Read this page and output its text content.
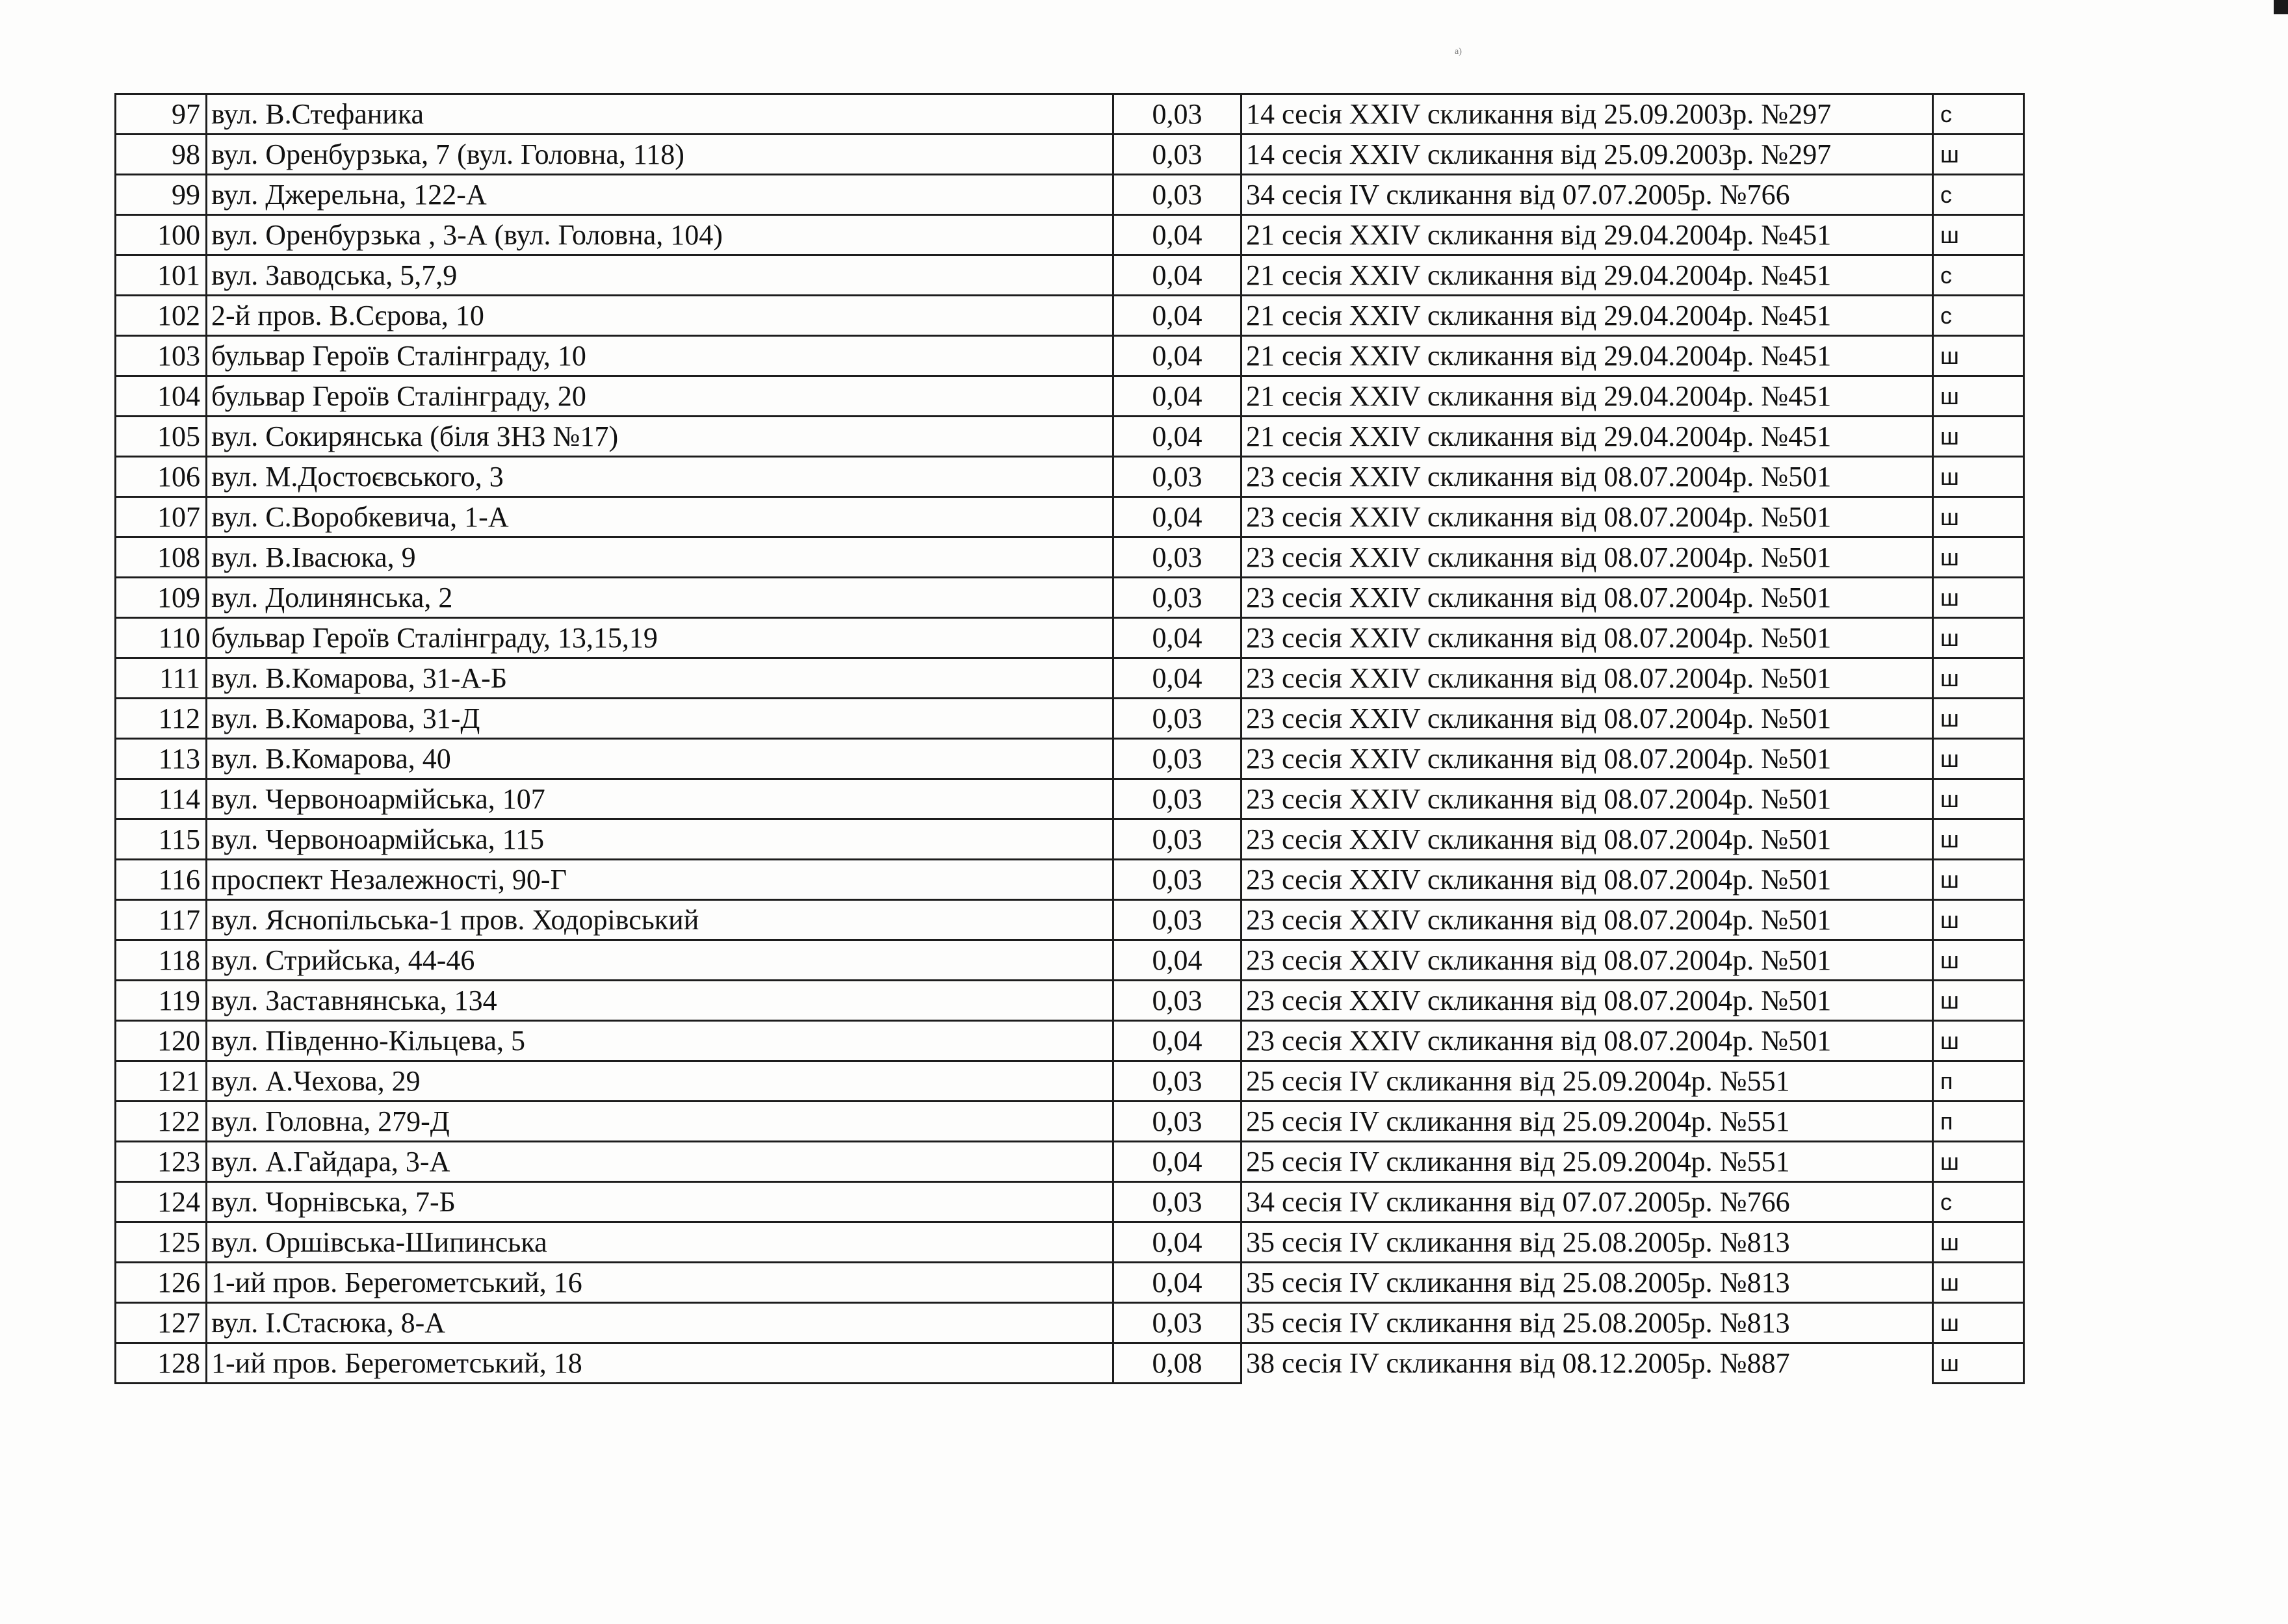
a)
97	вул. В.Стефаника	0,03	14 сесія XXIV скликання від 25.09.2003р. №297	с
98	вул. Оренбурзька, 7 (вул. Головна, 118)	0,03	14 сесія XXIV скликання від 25.09.2003р. №297	ш
99	вул. Джерельна, 122-А	0,03	34 сесія IV скликання від 07.07.2005р. №766	с
100	вул. Оренбурзька , 3-А (вул. Головна, 104)	0,04	21 сесія XXIV скликання від 29.04.2004р. №451	ш
101	вул. Заводська, 5,7,9	0,04	21 сесія XXIV скликання від 29.04.2004р. №451	с
102	2-й пров. В.Сєрова, 10	0,04	21 сесія XXIV скликання від 29.04.2004р. №451	с
103	бульвар Героїв Сталінграду, 10	0,04	21 сесія XXIV скликання від 29.04.2004р. №451	ш
104	бульвар Героїв Сталінграду, 20	0,04	21 сесія XXIV скликання від 29.04.2004р. №451	ш
105	вул. Сокирянська (біля ЗНЗ №17)	0,04	21 сесія XXIV скликання від 29.04.2004р. №451	ш
106	вул. М.Достоєвського, 3	0,03	23 сесія XXIV скликання від 08.07.2004р. №501	ш
107	вул. С.Воробкевича, 1-А	0,04	23 сесія XXIV скликання від 08.07.2004р. №501	ш
108	вул. В.Івасюка, 9	0,03	23 сесія XXIV скликання від 08.07.2004р. №501	ш
109	вул. Долинянська, 2	0,03	23 сесія XXIV скликання від 08.07.2004р. №501	ш
110	бульвар Героїв Сталінграду, 13,15,19	0,04	23 сесія XXIV скликання від 08.07.2004р. №501	ш
111	вул. В.Комарова, 31-А-Б	0,04	23 сесія XXIV скликання від 08.07.2004р. №501	ш
112	вул. В.Комарова, 31-Д	0,03	23 сесія XXIV скликання від 08.07.2004р. №501	ш
113	вул. В.Комарова, 40	0,03	23 сесія XXIV скликання від 08.07.2004р. №501	ш
114	вул. Червоноармійська, 107	0,03	23 сесія XXIV скликання від 08.07.2004р. №501	ш
115	вул. Червоноармійська, 115	0,03	23 сесія XXIV скликання від 08.07.2004р. №501	ш
116	проспект Незалежності, 90-Г	0,03	23 сесія XXIV скликання від 08.07.2004р. №501	ш
117	вул. Яснопільська-1 пров. Ходорівський	0,03	23 сесія XXIV скликання від 08.07.2004р. №501	ш
118	вул. Стрийська, 44-46	0,04	23 сесія XXIV скликання від 08.07.2004р. №501	ш
119	вул. Заставнянська, 134	0,03	23 сесія XXIV скликання від 08.07.2004р. №501	ш
120	вул. Південно-Кільцева, 5	0,04	23 сесія XXIV скликання від 08.07.2004р. №501	ш
121	вул. А.Чехова, 29	0,03	25 сесія IV скликання від 25.09.2004р. №551	п
122	вул. Головна, 279-Д	0,03	25 сесія IV скликання від 25.09.2004р. №551	п
123	вул. А.Гайдара, 3-А	0,04	25 сесія IV скликання від 25.09.2004р. №551	ш
124	вул. Чорнівська, 7-Б	0,03	34 сесія IV скликання від 07.07.2005р. №766	с
125	вул. Оршівська-Шипинська	0,04	35 сесія IV скликання від 25.08.2005р. №813	ш
126	1-ий пров. Берегометський, 16	0,04	35 сесія IV скликання від 25.08.2005р. №813	ш
127	вул. І.Стасюка, 8-А	0,03	35 сесія IV скликання від 25.08.2005р. №813	ш
128	1-ий пров. Берегометський, 18	0,08	38 сесія IV скликання від 08.12.2005р. №887	ш
